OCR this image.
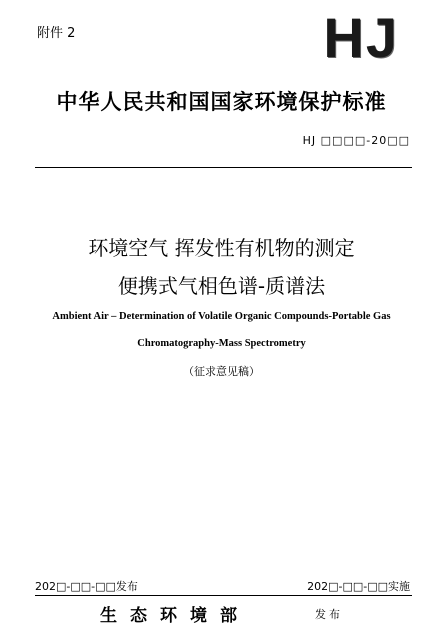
附件 2	HJ
中华人民共和国国家环境保护标准
HJ □□□□-20□□
环境空气 挥发性有机物的测定
便携式气相色谱-质谱法
Ambient Air – Determination of Volatile Organic Compounds-Portable Gas
Chromatography-Mass Spectrometry
（征求意见稿）
202□-□□-□□发布	202□-□□-□□实施
生态环境部	发布
